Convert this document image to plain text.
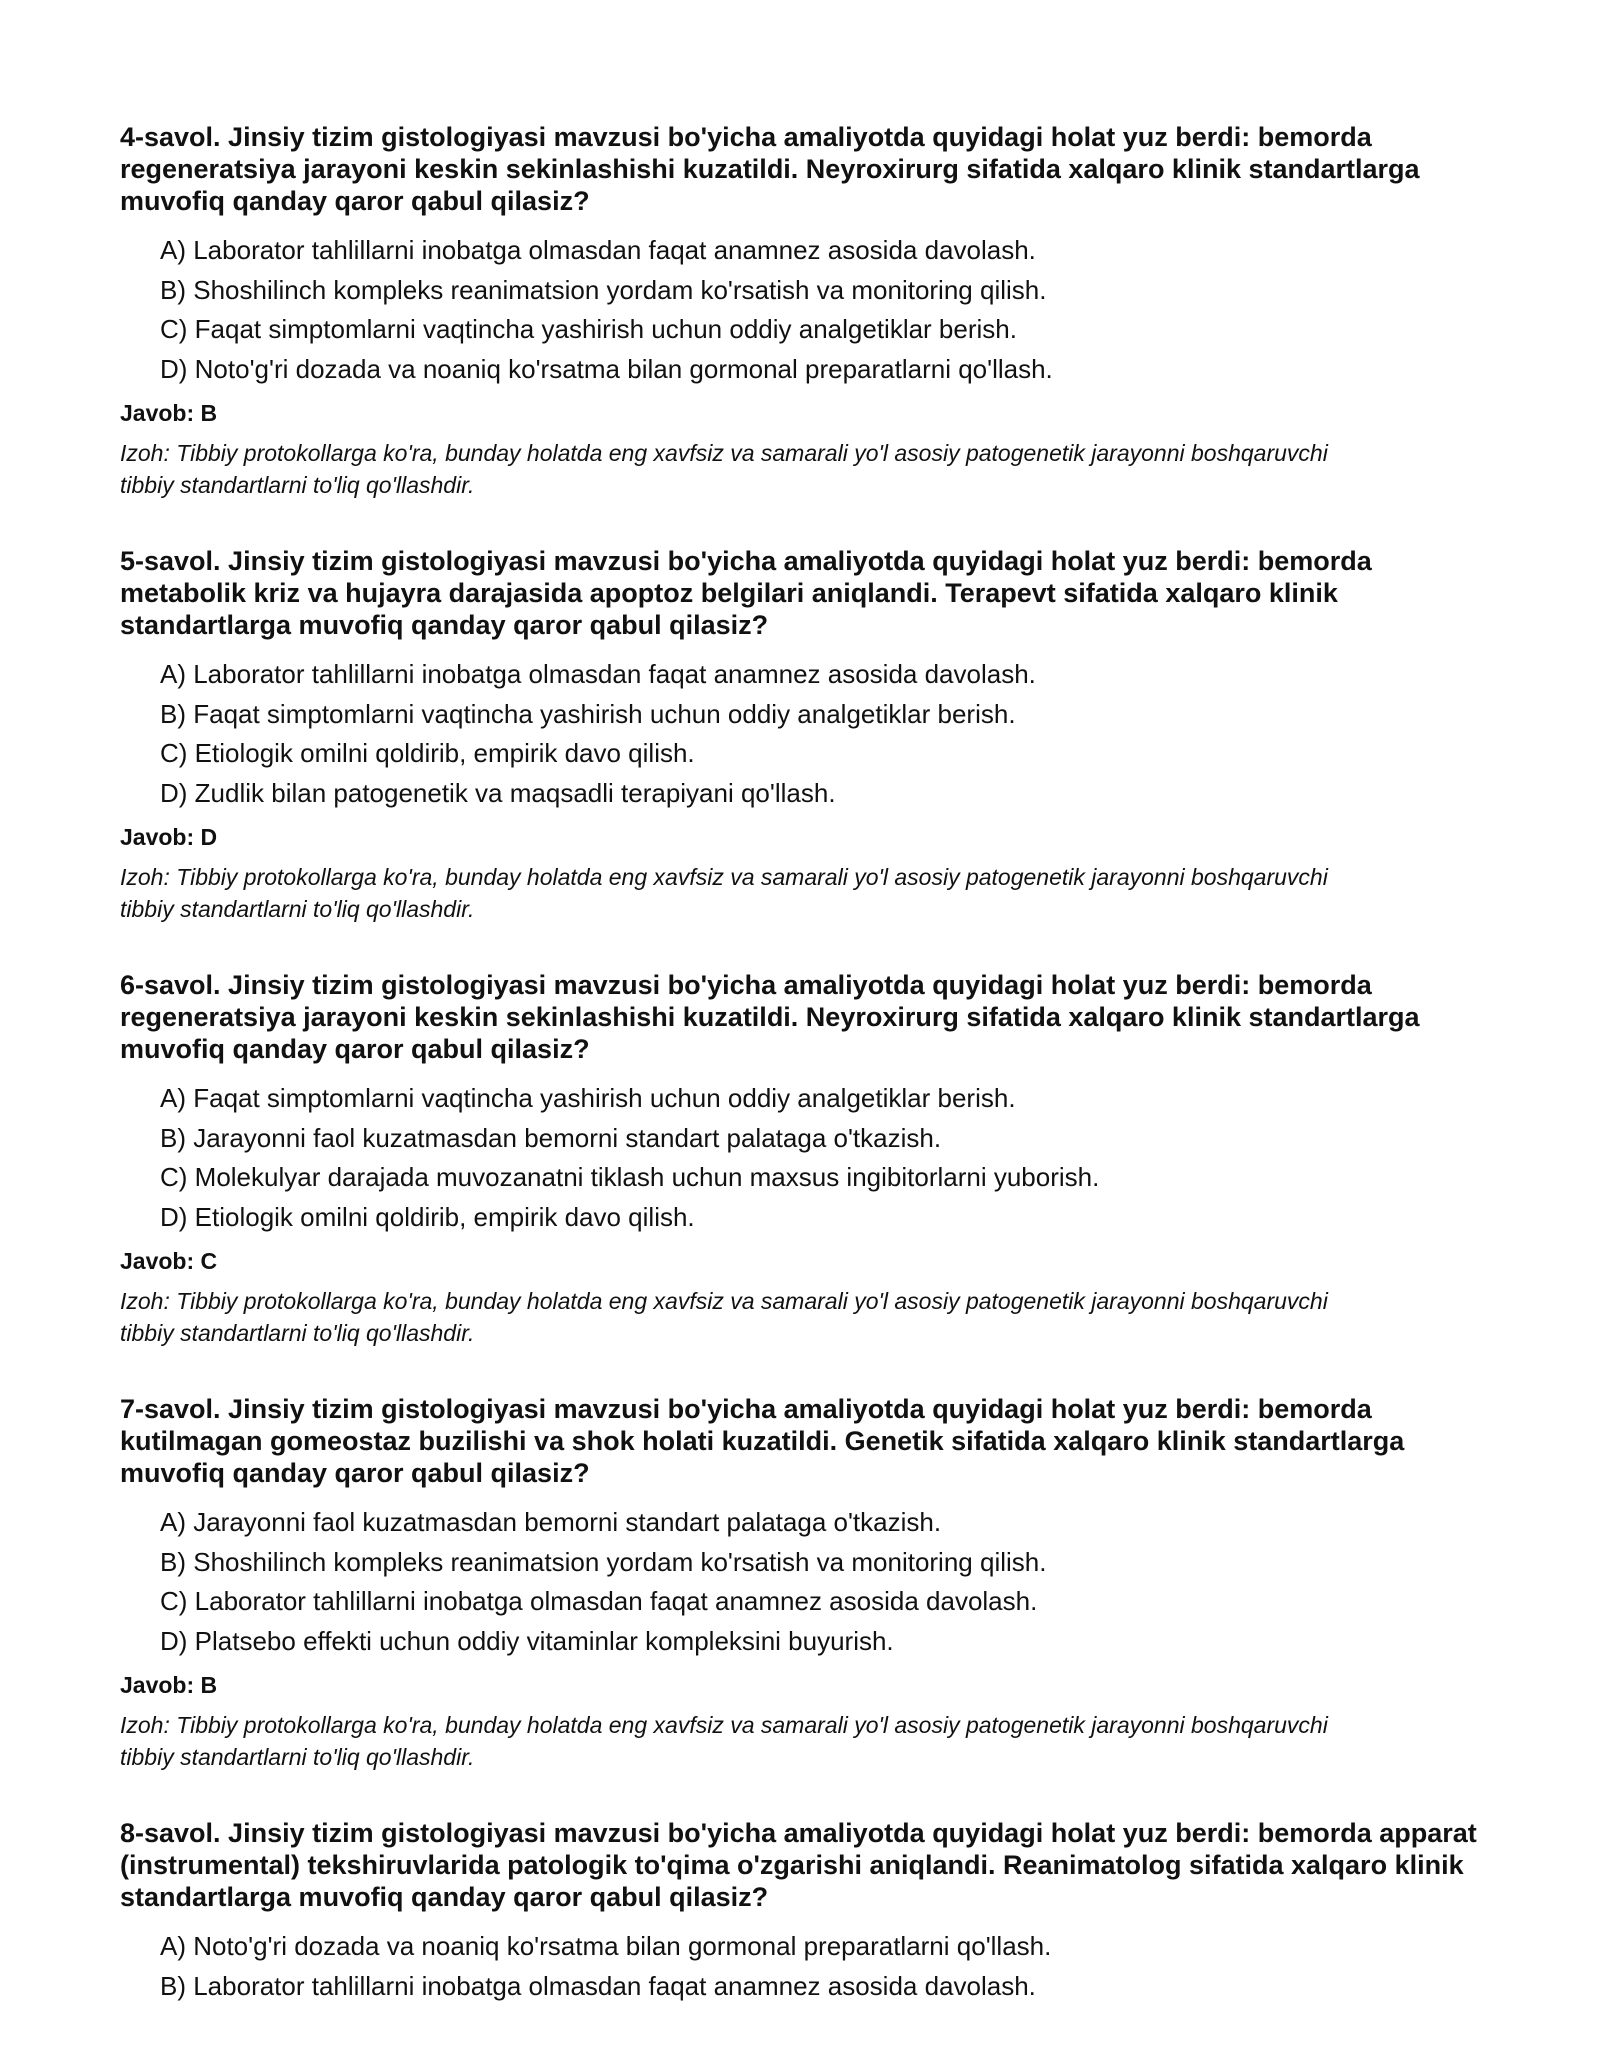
4-savol. Jinsiy tizim gistologiyasi mavzusi bo'yicha amaliyotda quyidagi holat yuz berdi: bemorda regeneratsiya jarayoni keskin sekinlashishi kuzatildi. Neyroxirurg sifatida xalqaro klinik standartlarga muvofiq qanday qaror qabul qilasiz?

A) Laborator tahlillarni inobatga olmasdan faqat anamnez asosida davolash.
B) Shoshilinch kompleks reanimatsion yordam ko'rsatish va monitoring qilish.
C) Faqat simptomlarni vaqtincha yashirish uchun oddiy analgetiklar berish.
D) Noto'g'ri dozada va noaniq ko'rsatma bilan gormonal preparatlarni qo'llash.

Javob: B

Izoh: Tibbiy protokollarga ko'ra, bunday holatda eng xavfsiz va samarali yo'l asosiy patogenetik jarayonni boshqaruvchi tibbiy standartlarni to'liq qo'llashdir.

5-savol. Jinsiy tizim gistologiyasi mavzusi bo'yicha amaliyotda quyidagi holat yuz berdi: bemorda metabolik kriz va hujayra darajasida apoptoz belgilari aniqlandi. Terapevt sifatida xalqaro klinik standartlarga muvofiq qanday qaror qabul qilasiz?

A) Laborator tahlillarni inobatga olmasdan faqat anamnez asosida davolash.
B) Faqat simptomlarni vaqtincha yashirish uchun oddiy analgetiklar berish.
C) Etiologik omilni qoldirib, empirik davo qilish.
D) Zudlik bilan patogenetik va maqsadli terapiyani qo'llash.

Javob: D

Izoh: Tibbiy protokollarga ko'ra, bunday holatda eng xavfsiz va samarali yo'l asosiy patogenetik jarayonni boshqaruvchi tibbiy standartlarni to'liq qo'llashdir.

6-savol. Jinsiy tizim gistologiyasi mavzusi bo'yicha amaliyotda quyidagi holat yuz berdi: bemorda regeneratsiya jarayoni keskin sekinlashishi kuzatildi. Neyroxirurg sifatida xalqaro klinik standartlarga muvofiq qanday qaror qabul qilasiz?

A) Faqat simptomlarni vaqtincha yashirish uchun oddiy analgetiklar berish.
B) Jarayonni faol kuzatmasdan bemorni standart palataga o'tkazish.
C) Molekulyar darajada muvozanatni tiklash uchun maxsus ingibitorlarni yuborish.
D) Etiologik omilni qoldirib, empirik davo qilish.

Javob: C

Izoh: Tibbiy protokollarga ko'ra, bunday holatda eng xavfsiz va samarali yo'l asosiy patogenetik jarayonni boshqaruvchi tibbiy standartlarni to'liq qo'llashdir.

7-savol. Jinsiy tizim gistologiyasi mavzusi bo'yicha amaliyotda quyidagi holat yuz berdi: bemorda kutilmagan gomeostaz buzilishi va shok holati kuzatildi. Genetik sifatida xalqaro klinik standartlarga muvofiq qanday qaror qabul qilasiz?

A) Jarayonni faol kuzatmasdan bemorni standart palataga o'tkazish.
B) Shoshilinch kompleks reanimatsion yordam ko'rsatish va monitoring qilish.
C) Laborator tahlillarni inobatga olmasdan faqat anamnez asosida davolash.
D) Platsebo effekti uchun oddiy vitaminlar kompleksini buyurish.

Javob: B

Izoh: Tibbiy protokollarga ko'ra, bunday holatda eng xavfsiz va samarali yo'l asosiy patogenetik jarayonni boshqaruvchi tibbiy standartlarni to'liq qo'llashdir.

8-savol. Jinsiy tizim gistologiyasi mavzusi bo'yicha amaliyotda quyidagi holat yuz berdi: bemorda apparat (instrumental) tekshiruvlarida patologik to'qima o'zgarishi aniqlandi. Reanimatolog sifatida xalqaro klinik standartlarga muvofiq qanday qaror qabul qilasiz?

A) Noto'g'ri dozada va noaniq ko'rsatma bilan gormonal preparatlarni qo'llash.
B) Laborator tahlillarni inobatga olmasdan faqat anamnez asosida davolash.
